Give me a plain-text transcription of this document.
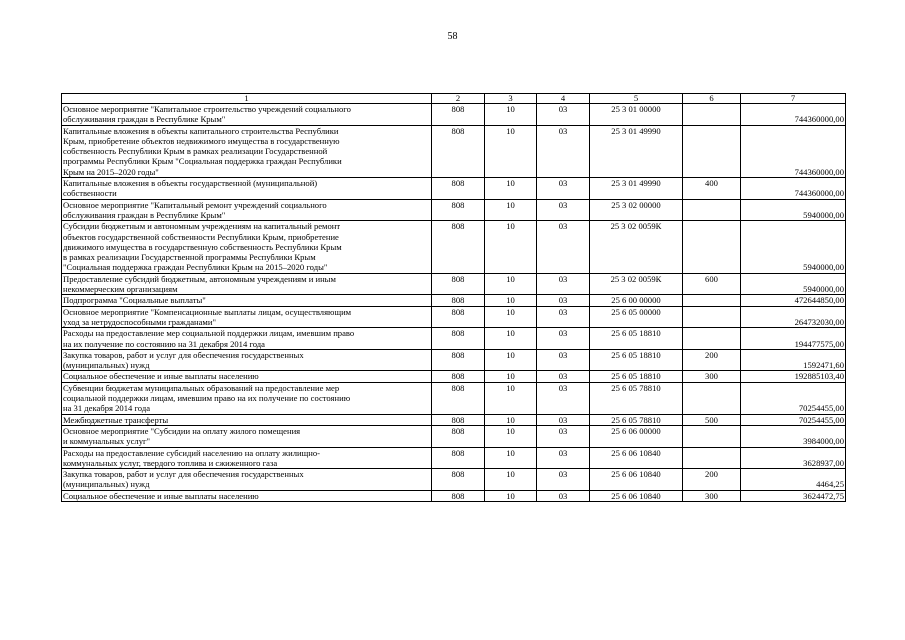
58
1	2	3	4	5	6	7
Основное мероприятие "Капитальное строительство учреждений социального
обслуживания граждан в Республике Крым"	808	10	03	25 3 01 00000		744360000,00
Капитальные вложения в объекты капитального строительства Республики
Крым, приобретение объектов недвижимого имущества в государственную
собственность Республики Крым в рамках реализации Государственной
программы Республики Крым "Социальная поддержка граждан Республики
Крым на 2015–2020 годы"	808	10	03	25 3 01 49990		744360000,00
Капитальные вложения в объекты государственной (муниципальной)
собственности	808	10	03	25 3 01 49990	400	744360000,00
Основное мероприятие "Капитальный ремонт учреждений социального
обслуживания граждан в Республике Крым"	808	10	03	25 3 02 00000		5940000,00
Субсидии бюджетным и автономным учреждениям на капитальный ремонт
объектов государственной собственности Республики Крым, приобретение
движимого имущества в государственную собственность Республики Крым
в рамках реализации Государственной программы Республики Крым
"Социальная поддержка граждан Республики Крым на 2015–2020 годы"	808	10	03	25 3 02 0059К		5940000,00
Предоставление субсидий бюджетным, автономным учреждениям и иным
некоммерческим организациям	808	10	03	25 3 02 0059К	600	5940000,00
Подпрограмма "Социальные выплаты"	808	10	03	25 6 00 00000		472644850,00
Основное мероприятие "Компенсационные выплаты лицам, осуществляющим
уход за нетрудоспособными гражданами"	808	10	03	25 6 05 00000		264732030,00
Расходы на предоставление мер социальной поддержки лицам, имевшим право
на их получение по состоянию на 31 декабря 2014 года	808	10	03	25 6 05 18810		194477575,00
Закупка товаров, работ и услуг для обеспечения государственных
(муниципальных) нужд	808	10	03	25 6 05 18810	200	1592471,60
Социальное обеспечение и иные выплаты населению	808	10	03	25 6 05 18810	300	192885103,40
Субвенции бюджетам муниципальных образований на предоставление мер
социальной поддержки лицам, имевшим право на их получение по состоянию
на 31 декабря 2014 года	808	10	03	25 6 05 78810		70254455,00
Межбюджетные трансферты	808	10	03	25 6 05 78810	500	70254455,00
Основное мероприятие "Субсидии на оплату жилого помещения
и коммунальных услуг"	808	10	03	25 6 06 00000		3984000,00
Расходы на предоставление субсидий населению на оплату жилищно-
коммунальных услуг, твердого топлива и сжиженного газа	808	10	03	25 6 06 10840		3628937,00
Закупка товаров, работ и услуг для обеспечения государственных
(муниципальных) нужд	808	10	03	25 6 06 10840	200	4464,25
Социальное обеспечение и иные выплаты населению	808	10	03	25 6 06 10840	300	3624472,75
